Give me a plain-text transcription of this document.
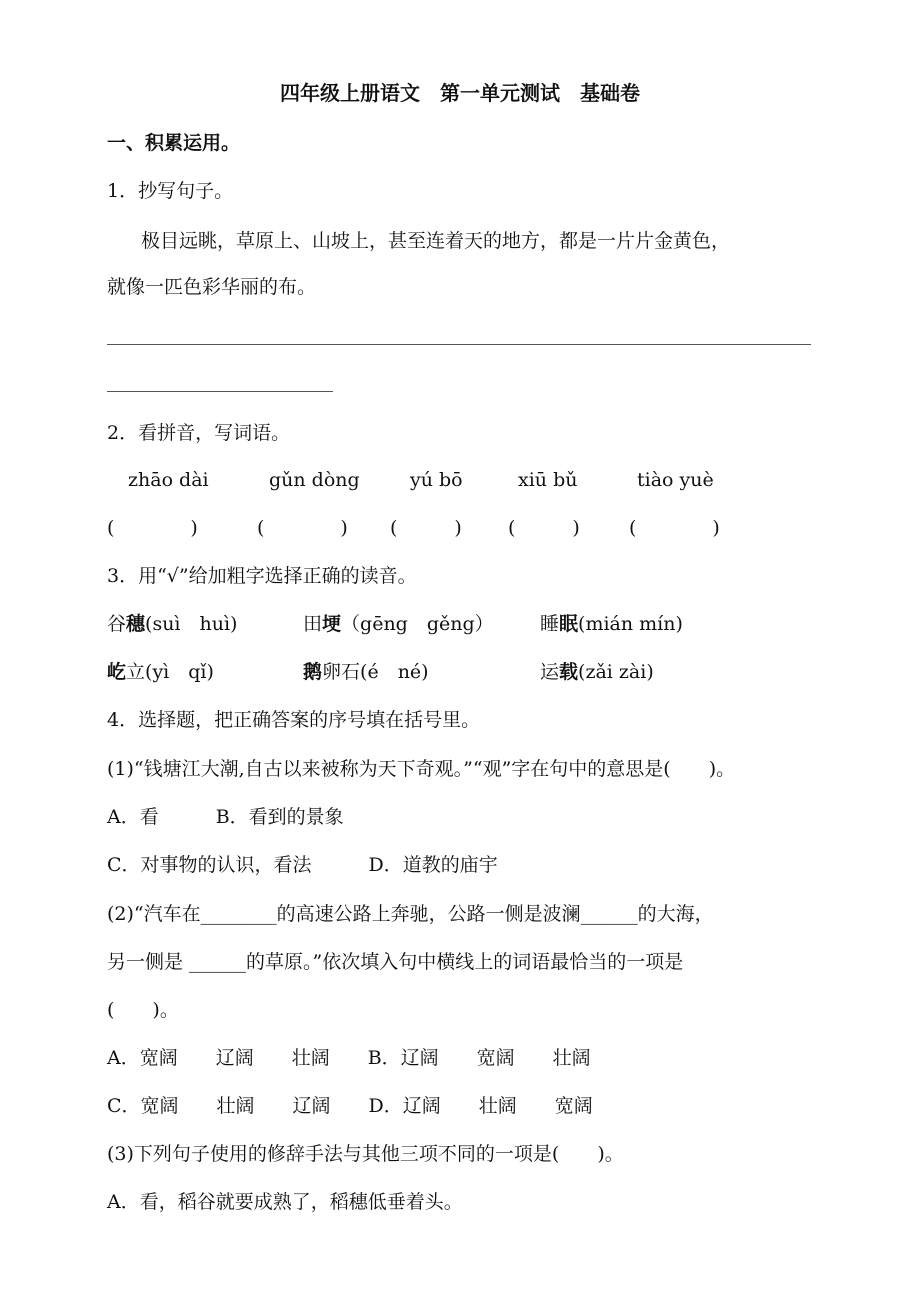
四年级上册语文　第一单元测试　基础卷
一、积累运用。
1．抄写句子。
极目远眺，草原上、山坡上，甚至连着天的地方，都是一片片金黄色，
就像一匹色彩华丽的布。
2．看拼音，写词语。
zhāo dài	gǔn dòng	yú bō	xiū bǔ	tiào yuè
(　　　　)	(　　　　) (　　　) (　　　)	(　　　　)
3．用“√”给加粗字选择正确的读音。
谷穗(suì　huì)	田埂（gēng　gěng） 睡眠(mián mín)
屹立(yì　qǐ)	鹅卵石(é　né)	运载(zǎi zài)
4．选择题，把正确答案的序号填在括号里。
(1)“钱塘江大潮,自古以来被称为天下奇观。”“观”字在句中的意思是(　　)。
A．看　　　B．看到的景象
C．对事物的认识，看法　　　D．道教的庙宇
(2)“汽车在________的高速公路上奔驰，公路一侧是波澜______的大海，
另一侧是 ______的草原。”依次填入句中横线上的词语最恰当的一项是
(　　)。
A．宽阔　　辽阔　　壮阔　　B．辽阔　　宽阔　　壮阔
C．宽阔　　壮阔　　辽阔　　D．辽阔　　壮阔　　宽阔
(3)下列句子使用的修辞手法与其他三项不同的一项是(　　)。
A．看，稻谷就要成熟了，稻穗低垂着头。
